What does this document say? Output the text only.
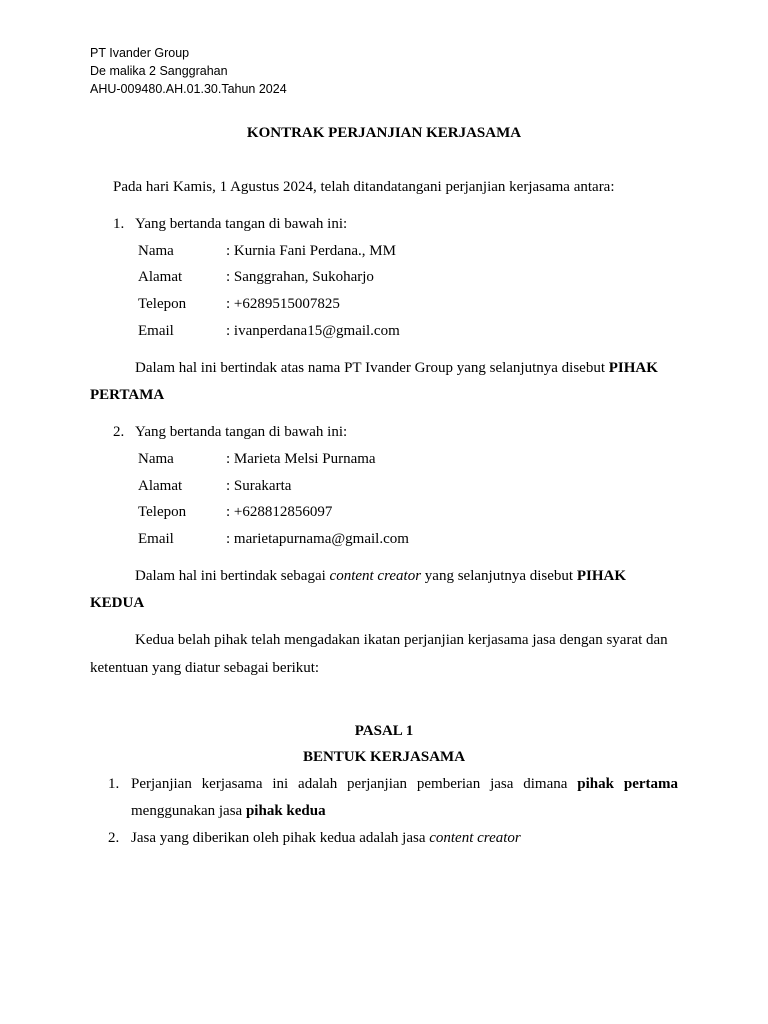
PT Ivander Group
De malika 2 Sanggrahan
AHU-009480.AH.01.30.Tahun 2024
KONTRAK PERJANJIAN KERJASAMA
Pada hari Kamis, 1 Agustus 2024, telah ditandatangani perjanjian kerjasama antara:
1. Yang bertanda tangan di bawah ini:
Nama	: Kurnia Fani Perdana., MM
Alamat	: Sanggrahan, Sukoharjo
Telepon	: +6289515007825
Email	: ivanperdana15@gmail.com
Dalam hal ini bertindak atas nama PT Ivander Group yang selanjutnya disebut PIHAK
PERTAMA
2. Yang bertanda tangan di bawah ini:
Nama	: Marieta Melsi Purnama
Alamat	: Surakarta
Telepon	: +628812856097
Email	: marietapurnama@gmail.com
Dalam hal ini bertindak sebagai content creator yang selanjutnya disebut PIHAK
KEDUA
Kedua belah pihak telah mengadakan ikatan perjanjian kerjasama jasa dengan syarat dan
ketentuan yang diatur sebagai berikut:
PASAL 1
BENTUK KERJASAMA
1. Perjanjian kerjasama ini adalah perjanjian pemberian jasa dimana pihak pertama
menggunakan jasa pihak kedua
2. Jasa yang diberikan oleh pihak kedua adalah jasa content creator
